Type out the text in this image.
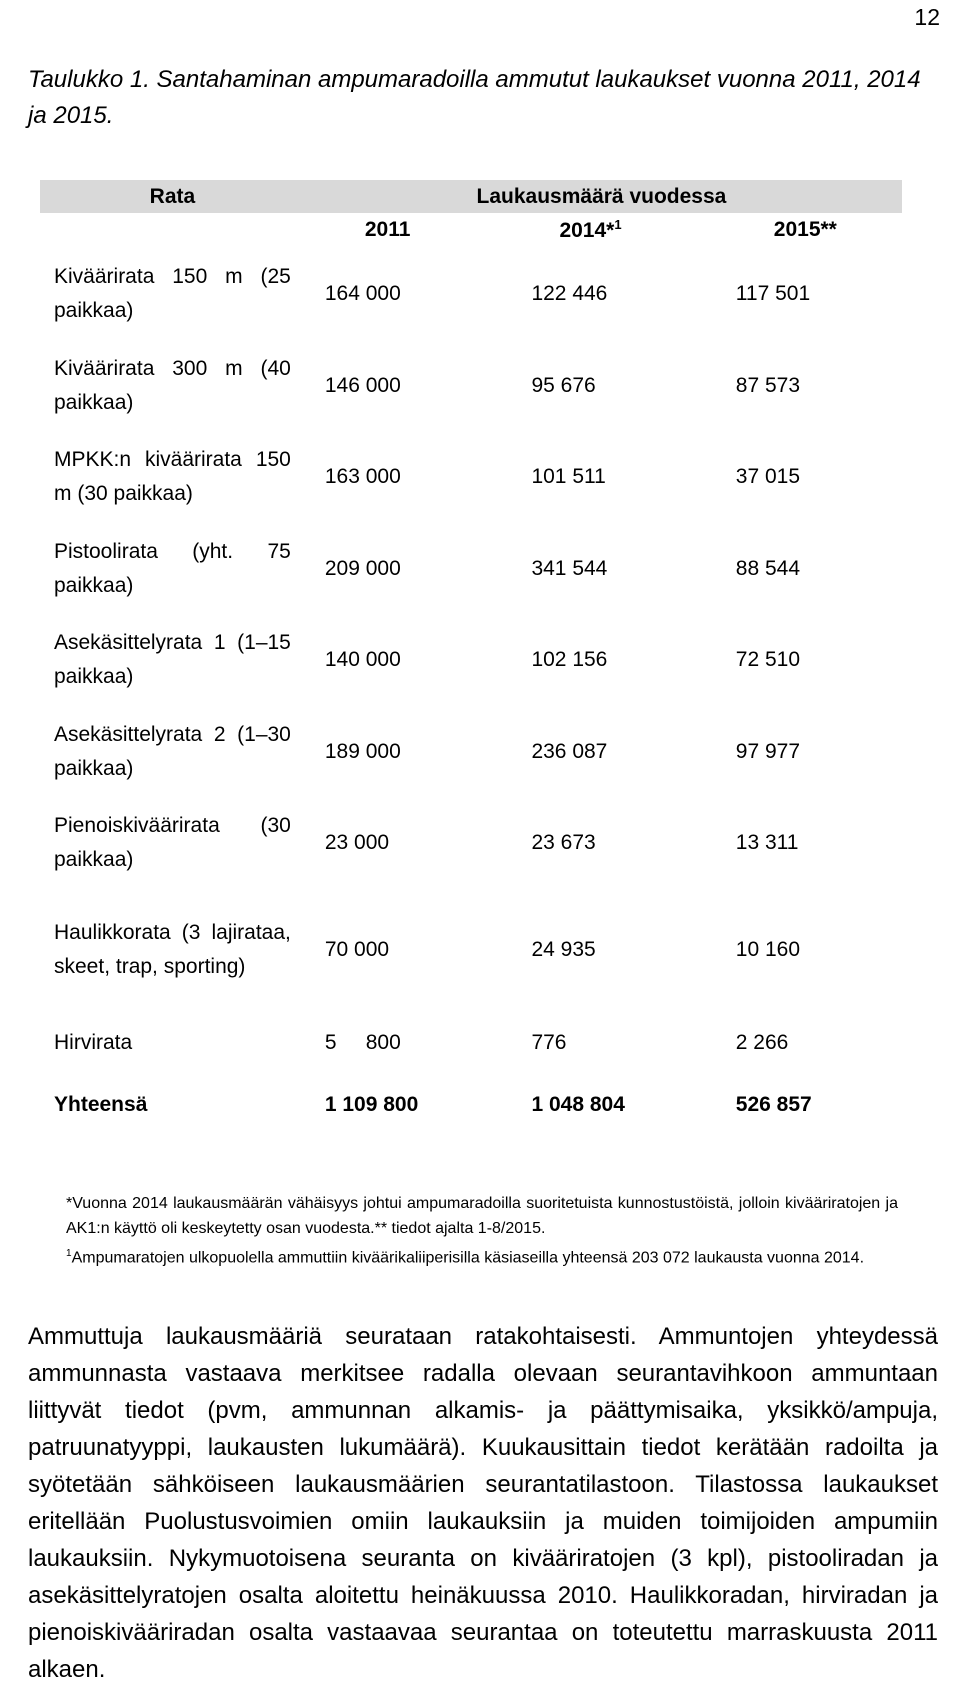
12
Taulukko 1. Santahaminan ampumaradoilla ammutut laukaukset vuonna 2011, 2014 ja 2015.
Rata	Laukausmäärä vuodessa		
	2011	2014*$^1$	2015**

Kiväärirata 150 m (25 paikkaa)	164 000	122 446	117 501

Kiväärirata 300 m (40 paikkaa)	146 000	95 676	87 573

MPKK:n kiväärirata 150 m (30 paikkaa)	163 000	101 511	37 015

Pistoolirata (yht. 75 paikkaa)	209 000	341 544	88 544

Asekäsittelyrata 1 (1–15 paikkaa)	140 000	102 156	72 510

Asekäsittelyrata 2 (1–30 paikkaa)	189 000	236 087	97 977

Pienoiskiväärirata (30 paikkaa)	23 000	23 673	13 311

Haulikkorata (3 lajirataa, skeet, trap, sporting)	70 000	24 935	10 160
Hirvirata	5     800	776	2 266
Yhteensä	1 109 800	1 048 804	526 857
*Vuonna 2014 laukausmäärän vähäisyys johtui ampumaradoilla suoritetuista kunnostustöistä, jolloin kivääriratojen ja AK1:n käyttö oli keskeytetty osan vuodesta.** tiedot ajalta 1-8/2015.
$^1$Ampumaratojen ulkopuolella ammuttiin kiväärikaliiperisilla käsiaseilla yhteensä 203 072 laukausta vuonna 2014.
Ammuttuja laukausmääriä seurataan ratakohtaisesti. Ammuntojen yhteydessä ammunnasta vastaava merkitsee radalla olevaan seurantavihkoon ammuntaan liittyvät tiedot (pvm, ammunnan alkamis- ja päättymisaika, yksikkö/ampuja, patruunatyyppi, laukausten lukumäärä). Kuukausittain tiedot kerätään radoilta ja syötetään sähköiseen laukausmäärien seurantatilastoon. Tilastossa laukaukset eritellään Puolustusvoimien omiin laukauksiin ja muiden toimijoiden ampumiin laukauksiin. Nykymuotoisena seuranta on kivääriratojen (3 kpl), pistooliradan ja asekäsittelyratojen osalta aloitettu heinäkuussa 2010. Haulikkoradan, hirviradan ja pienoiskivääriradan osalta vastaavaa seurantaa on toteutettu marraskuusta 2011 alkaen.
